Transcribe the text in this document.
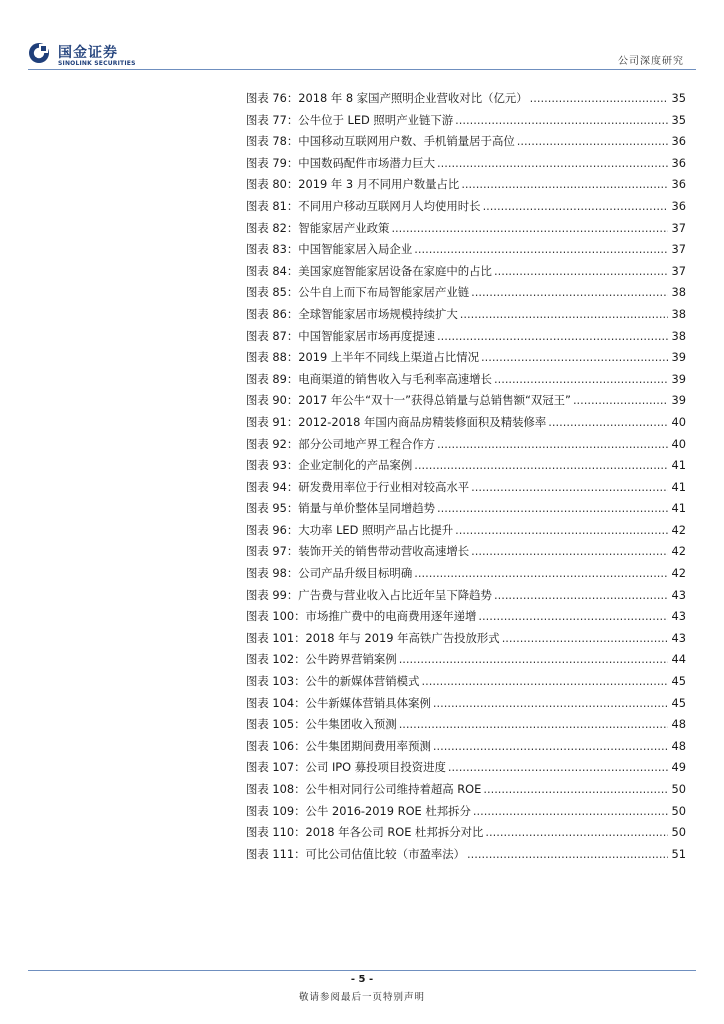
国金证券
SINOLINK SECURITIES	公司深度研究
图表 76： 2018 年 8 家国产照明企业营收对比（亿元） .....	35
图表 77： 公牛位于 LED 照明产业链下游 .....	35
图表 78： 中国移动互联网用户数、手机销量居于高位 .....	36
图表 79： 中国数码配件市场潜力巨大 .....	36
图表 80： 2019 年 3 月不同用户数量占比 .....	36
图表 81： 不同用户移动互联网月人均使用时长 .....	36
图表 82： 智能家居产业政策 .....	37
图表 83： 中国智能家居入局企业 .....	37
图表 84： 美国家庭智能家居设备在家庭中的占比 .....	37
图表 85： 公牛自上而下布局智能家居产业链 .....	38
图表 86： 全球智能家居市场规模持续扩大 .....	38
图表 87： 中国智能家居市场再度提速 .....	38
图表 88： 2019 上半年不同线上渠道占比情况 .....	39
图表 89： 电商渠道的销售收入与毛利率高速增长 .....	39
图表 90： 2017 年公牛“双十一”获得总销量与总销售额“双冠王” .....	39
图表 91： 2012-2018 年国内商品房精装修面积及精装修率 .....	40
图表 92： 部分公司地产界工程合作方 .....	40
图表 93： 企业定制化的产品案例 .....	41
图表 94： 研发费用率位于行业相对较高水平 .....	41
图表 95： 销量与单价整体呈同增趋势 .....	41
图表 96： 大功率 LED 照明产品占比提升 .....	42
图表 97： 装饰开关的销售带动营收高速增长 .....	42
图表 98： 公司产品升级目标明确 .....	42
图表 99： 广告费与营业收入占比近年呈下降趋势 .....	43
图表 100： 市场推广费中的电商费用逐年递增 .....	43
图表 101： 2018 年与 2019 年高铁广告投放形式 .....	43
图表 102： 公牛跨界营销案例 .....	44
图表 103： 公牛的新媒体营销模式 .....	45
图表 104： 公牛新媒体营销具体案例 .....	45
图表 105： 公牛集团收入预测 .....	48
图表 106： 公牛集团期间费用率预测 .....	48
图表 107： 公司 IPO 募投项目投资进度 .....	49
图表 108： 公牛相对同行公司维持着超高 ROE .....	50
图表 109： 公牛 2016-2019 ROE 杜邦拆分 .....	50
图表 110： 2018 年各公司 ROE 杜邦拆分对比 .....	50
图表 111： 可比公司估值比较（市盈率法） .....	51
- 5 -
敬请参阅最后一页特别声明
